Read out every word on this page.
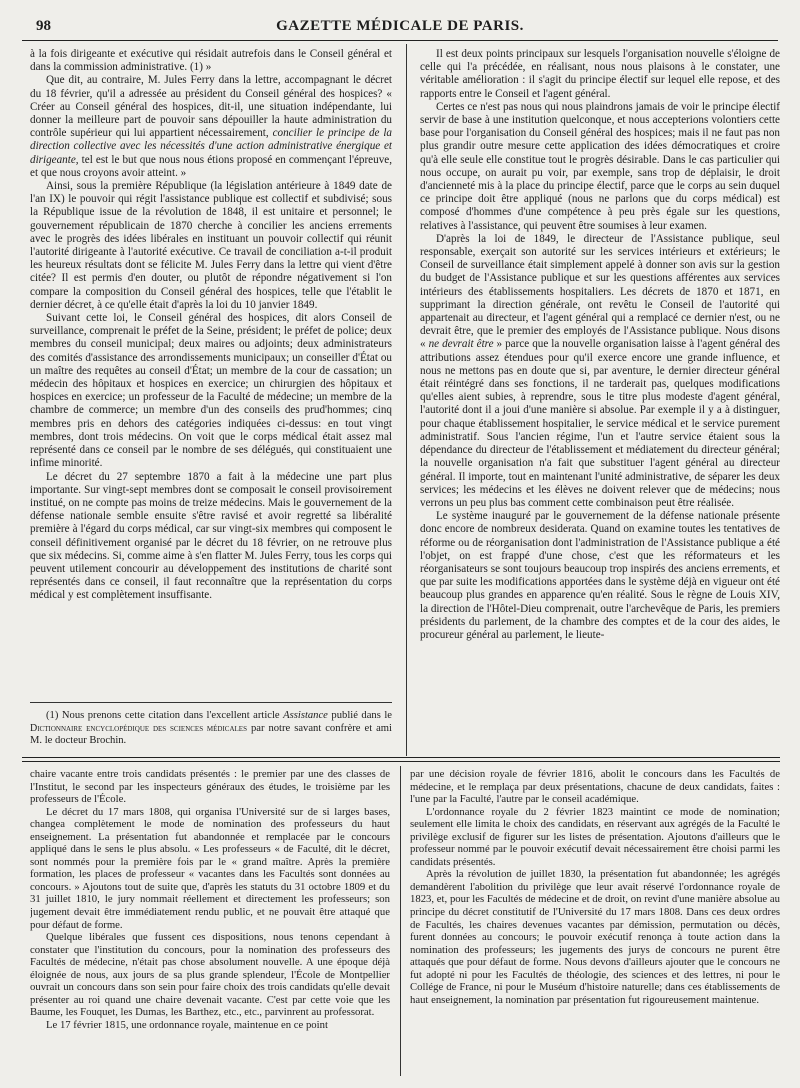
98	GAZETTE MÉDICALE DE PARIS.

à la fois dirigeante et exécutive qui résidait autrefois dans le Conseil général et dans la commission administrative. (1) »

Que dit, au contraire, M. Jules Ferry dans la lettre, accompagnant le décret du 18 février, qu'il a adressée au président du Conseil général des hospices? « Créer au Conseil général des hospices, dit-il, une situation indépendante, lui donner la meilleure part de pouvoir sans dépouiller la haute administration du contrôle supérieur qui lui appartient nécessairement, concilier le principe de la direction collective avec les nécessités d'une action administrative énergique et dirigeante, tel est le but que nous nous étions proposé en commençant l'épreuve, et que nous croyons avoir atteint. »

Ainsi, sous la première République (la législation antérieure à 1849 date de l'an IX) le pouvoir qui régit l'assistance publique est collectif et subdivisé; sous la République issue de la révolution de 1848, il est unitaire et personnel; le gouvernement républicain de 1870 cherche à concilier les anciens errements avec le progrès des idées libérales en instituant un pouvoir collectif qui réunit l'autorité dirigeante à l'autorité exécutive. Ce travail de conciliation a-t-il produit les heureux résultats dont se félicite M. Jules Ferry dans la lettre qui vient d'être citée? Il est permis d'en douter, ou plutôt de répondre négativement si l'on compare la composition du Conseil général des hospices, telle que l'établit le dernier décret, à ce qu'elle était d'après la loi du 10 janvier 1849.

Suivant cette loi, le Conseil général des hospices, dit alors Conseil de surveillance, comprenait le préfet de la Seine, président; le préfet de police; deux membres du conseil municipal; deux maires ou adjoints; deux administrateurs des comités d'assistance des arrondissements municipaux; un conseiller d'État ou un maître des requêtes au conseil d'État; un membre de la cour de cassation; un médecin des hôpitaux et hospices en exercice; un chirurgien des hôpitaux et hospices en exercice; un professeur de la Faculté de médecine; un membre de la chambre de commerce; un membre d'un des conseils des prud'hommes; cinq membres pris en dehors des catégories indiquées ci-dessus: en tout vingt membres, dont trois médecins. On voit que le corps médical était assez mal représenté dans ce conseil par le nombre de ses délégués, qui constituaient une infime minorité.

Le décret du 27 septembre 1870 a fait à la médecine une part plus importante. Sur vingt-sept membres dont se composait le conseil provisoirement institué, on ne compte pas moins de treize médecins. Mais le gouvernement de la défense nationale semble ensuite s'être ravisé et avoir regretté sa libéralité première à l'égard du corps médical, car sur vingt-six membres qui composent le conseil définitivement organisé par le décret du 18 février, on ne retrouve plus que six médecins. Si, comme aime à s'en flatter M. Jules Ferry, tous les corps qui peuvent utilement concourir au développement des institutions de charité sont représentés dans ce conseil, il faut reconnaître que la représentation du corps médical y est complètement insuffisante.

(1) Nous prenons cette citation dans l'excellent article Assistance publié dans le Dictionnaire encyclopédique des sciences médicales par notre savant confrère et ami M. le docteur Brochin.

Il est deux points principaux sur lesquels l'organisation nouvelle s'éloigne de celle qui l'a précédée, en réalisant, nous nous plaisons à le constater, une véritable amélioration : il s'agit du principe électif sur lequel elle repose, et des rapports entre le Conseil et l'agent général.

Certes ce n'est pas nous qui nous plaindrons jamais de voir le principe électif servir de base à une institution quelconque, et nous accepterions volontiers cette base pour l'organisation du Conseil général des hospices; mais il ne faut pas non plus grandir outre mesure cette application des idées démocratiques et croire qu'à elle seule elle constitue tout le progrès désirable. Dans le cas particulier qui nous occupe, on aurait pu voir, par exemple, sans trop de déplaisir, le droit d'ancienneté mis à la place du principe électif, parce que le corps au sein duquel ce principe doit être appliqué (nous ne parlons que du corps médical) est composé d'hommes d'une compétence à peu près égale sur les questions, relatives à l'assistance, qui peuvent être soumises à leur examen.

D'après la loi de 1849, le directeur de l'Assistance publique, seul responsable, exerçait son autorité sur les services intérieurs et extérieurs; le Conseil de surveillance était simplement appelé à donner son avis sur la gestion du budget de l'Assistance publique et sur les questions afférentes aux services intérieurs des établissements hospitaliers. Les décrets de 1870 et 1871, en supprimant la direction générale, ont revêtu le Conseil de l'autorité qui appartenait au directeur, et l'agent général qui a remplacé ce dernier n'est, ou ne devrait être, que le premier des employés de l'Assistance publique. Nous disons « ne devrait être » parce que la nouvelle organisation laisse à l'agent général des attributions assez étendues pour qu'il exerce encore une grande influence, et nous ne mettons pas en doute que si, par aventure, le dernier directeur général était réintégré dans ses fonctions, il ne tarderait pas, quelques modifications qu'elles aient subies, à reprendre, sous le titre plus modeste d'agent général, l'autorité dont il a joui d'une manière si absolue. Par exemple il y a à distinguer, pour chaque établissement hospitalier, le service médical et le service purement administratif. Sous l'ancien régime, l'un et l'autre service étaient sous la dépendance du directeur de l'établissement et médiatement du directeur général; la nouvelle organisation n'a fait que substituer l'agent général au directeur général. Il importe, tout en maintenant l'unité administrative, de séparer les deux services; les médecins et les élèves ne doivent relever que de médecins; nous verrons un peu plus bas comment cette combinaison peut être réalisée.

Le système inauguré par le gouvernement de la défense nationale présente donc encore de nombreux desiderata. Quand on examine toutes les tentatives de réforme ou de réorganisation dont l'administration de l'Assistance publique a été l'objet, on est frappé d'une chose, c'est que les réformateurs et les réorganisateurs se sont toujours beaucoup trop inspirés des anciens errements, et que par suite les modifications apportées dans le système déjà en vigueur ont été beaucoup plus grandes en apparence qu'en réalité. Sous le règne de Louis XIV, la direction de l'Hôtel-Dieu comprenait, outre l'archevêque de Paris, les premiers présidents du parlement, de la chambre des comptes et de la cour des aides, le procureur général au parlement, le lieute-

chaire vacante entre trois candidats présentés : le premier par une des classes de l'Institut, le second par les inspecteurs généraux des études, le troisième par les professeurs de l'École.

Le décret du 17 mars 1808, qui organisa l'Université sur de si larges bases, changea complètement le mode de nomination des professeurs du haut enseignement. La présentation fut abandonnée et remplacée par le concours appliqué dans le sens le plus absolu. « Les professeurs « de Faculté, dit le décret, sont nommés pour la première fois par le « grand maître. Après la première formation, les places de professeur « vacantes dans les Facultés sont données au concours. » Ajoutons tout de suite que, d'après les statuts du 31 octobre 1809 et du 31 juillet 1810, le jury nommait réellement et directement les professeurs; son jugement devait être immédiatement rendu public, et ne pouvait être attaqué que pour défaut de forme.

Quelque libérales que fussent ces dispositions, nous tenons cependant à constater que l'institution du concours, pour la nomination des professeurs des Facultés de médecine, n'était pas chose absolument nouvelle. A une époque déjà éloignée de nous, aux jours de sa plus grande splendeur, l'École de Montpellier ouvrait un concours dans son sein pour faire choix des trois candidats qu'elle devait présenter au roi quand une chaire devenait vacante. C'est par cette voie que les Baume, les Fouquet, les Dumas, les Barthez, etc., etc., parvinrent au professorat.

Le 17 février 1815, une ordonnance royale, maintenue en ce point

par une décision royale de février 1816, abolit le concours dans les Facultés de médecine, et le remplaça par deux présentations, chacune de deux candidats, faites : l'une par la Faculté, l'autre par le conseil académique.

L'ordonnance royale du 2 février 1823 maintint ce mode de nomination; seulement elle limita le choix des candidats, en réservant aux agrégés de la Faculté le privilège exclusif de figurer sur les listes de présentation. Ajoutons d'ailleurs que le professeur nommé par le pouvoir exécutif devait nécessairement être choisi parmi les candidats présentés.

Après la révolution de juillet 1830, la présentation fut abandonnée; les agrégés demandèrent l'abolition du privilège que leur avait réservé l'ordonnance royale de 1823, et, pour les Facultés de médecine et de droit, on revint d'une manière absolue au principe du décret constitutif de l'Université du 17 mars 1808. Dans ces deux ordres de Facultés, les chaires devenues vacantes par démission, permutation ou décès, furent données au concours; le pouvoir exécutif renonça à toute action dans la nomination des professeurs; les jugements des jurys de concours ne purent être attaqués que pour défaut de forme. Nous devons d'ailleurs ajouter que le concours ne fut adopté ni pour les Facultés de théologie, des sciences et des lettres, ni pour le Collége de France, ni pour le Muséum d'histoire naturelle; dans ces établissements de haut enseignement, la nomination par présentation fut rigoureusement maintenue.
